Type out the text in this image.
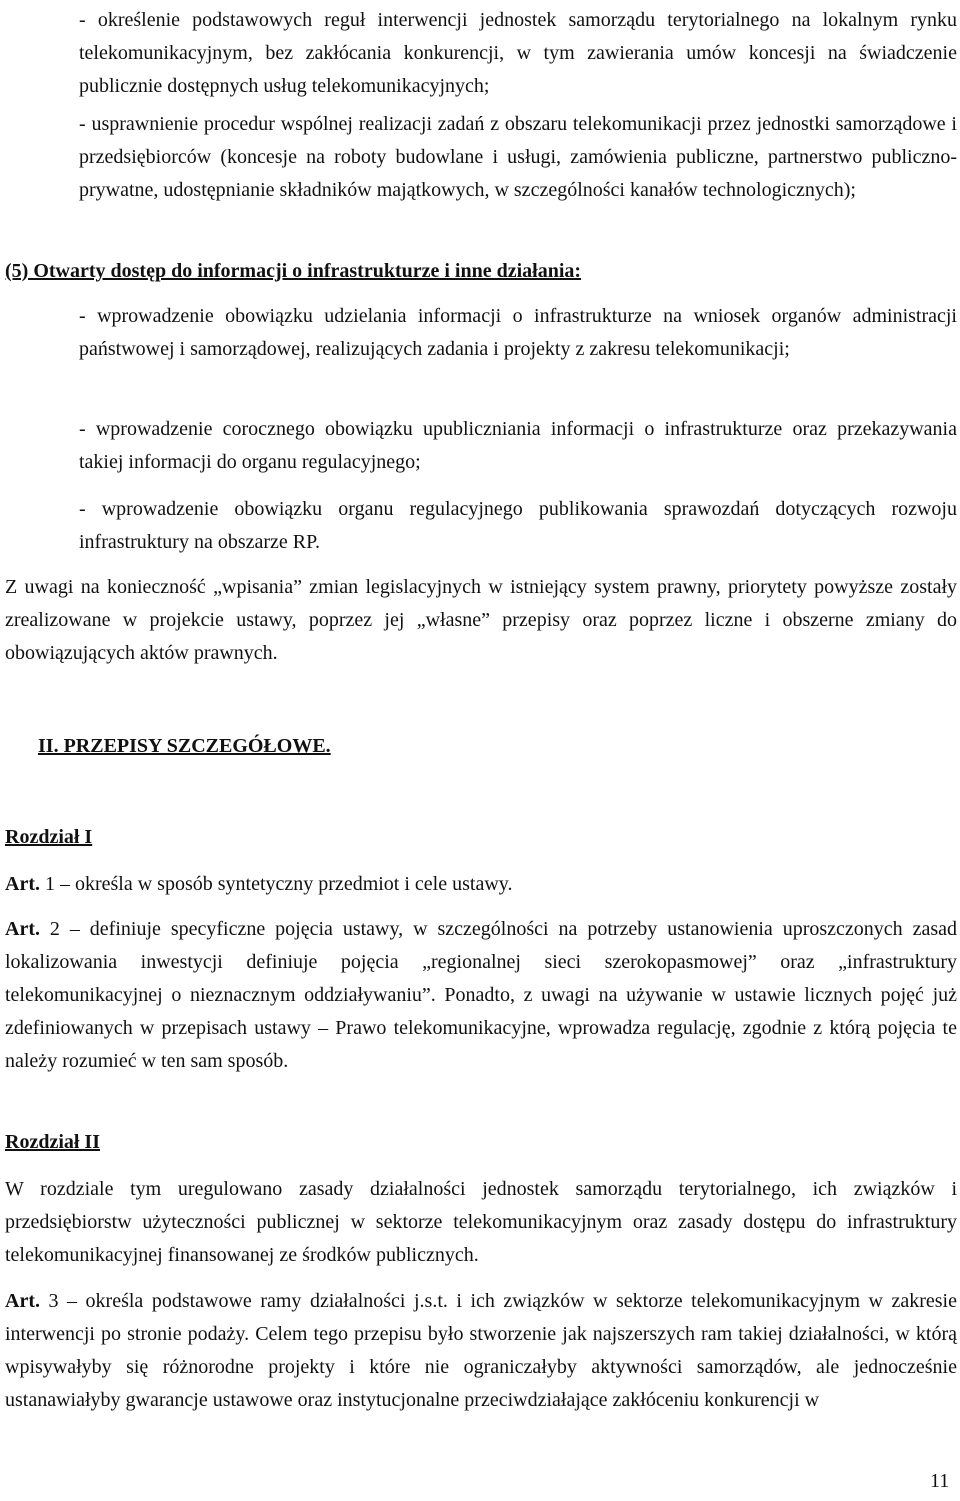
- określenie podstawowych reguł interwencji jednostek samorządu terytorialnego na lokalnym rynku telekomunikacyjnym, bez zakłócania konkurencji, w tym zawierania umów koncesji na świadczenie publicznie dostępnych usług telekomunikacyjnych;

- usprawnienie procedur wspólnej realizacji zadań z obszaru telekomunikacji przez jednostki samorządowe i przedsiębiorców (koncesje na roboty budowlane i usługi, zamówienia publiczne, partnerstwo publiczno-prywatne, udostępnianie składników majątkowych, w szczególności kanałów technologicznych);

(5) Otwarty dostęp do informacji o infrastrukturze i inne działania:

- wprowadzenie obowiązku udzielania informacji o infrastrukturze na wniosek organów administracji państwowej i samorządowej, realizujących zadania i projekty z zakresu telekomunikacji;

- wprowadzenie corocznego obowiązku upubliczniania informacji o infrastrukturze oraz przekazywania takiej informacji do organu regulacyjnego;

- wprowadzenie obowiązku organu regulacyjnego publikowania sprawozdań dotyczących rozwoju infrastruktury na obszarze RP.

Z uwagi na konieczność „wpisania” zmian legislacyjnych w istniejący system prawny, priorytety powyższe zostały zrealizowane w projekcie ustawy, poprzez jej „własne” przepisy oraz poprzez liczne i obszerne zmiany do obowiązujących aktów prawnych.

II. PRZEPISY SZCZEGÓŁOWE.

Rozdział I

Art. 1 – określa w sposób syntetyczny przedmiot i cele ustawy.

Art. 2 – definiuje specyficzne pojęcia ustawy, w szczególności na potrzeby ustanowienia uproszczonych zasad lokalizowania inwestycji definiuje pojęcia „regionalnej sieci szerokopasmowej” oraz „infrastruktury telekomunikacyjnej o nieznacznym oddziaływaniu”. Ponadto, z uwagi na używanie w ustawie licznych pojęć już zdefiniowanych w przepisach ustawy – Prawo telekomunikacyjne, wprowadza regulację, zgodnie z którą pojęcia te należy rozumieć w ten sam sposób.

Rozdział II

W rozdziale tym uregulowano zasady działalności jednostek samorządu terytorialnego, ich związków i przedsiębiorstw użyteczności publicznej w sektorze telekomunikacyjnym oraz zasady dostępu do infrastruktury telekomunikacyjnej finansowanej ze środków publicznych.

Art. 3 – określa podstawowe ramy działalności j.s.t. i ich związków w sektorze telekomunikacyjnym w zakresie interwencji po stronie podaży. Celem tego przepisu było stworzenie jak najszerszych ram takiej działalności, w którą wpisywałyby się różnorodne projekty i które nie ograniczałyby aktywności samorządów, ale jednocześnie ustanawiałyby gwarancje ustawowe oraz instytucjonalne przeciwdziałające zakłóceniu konkurencji w

11
